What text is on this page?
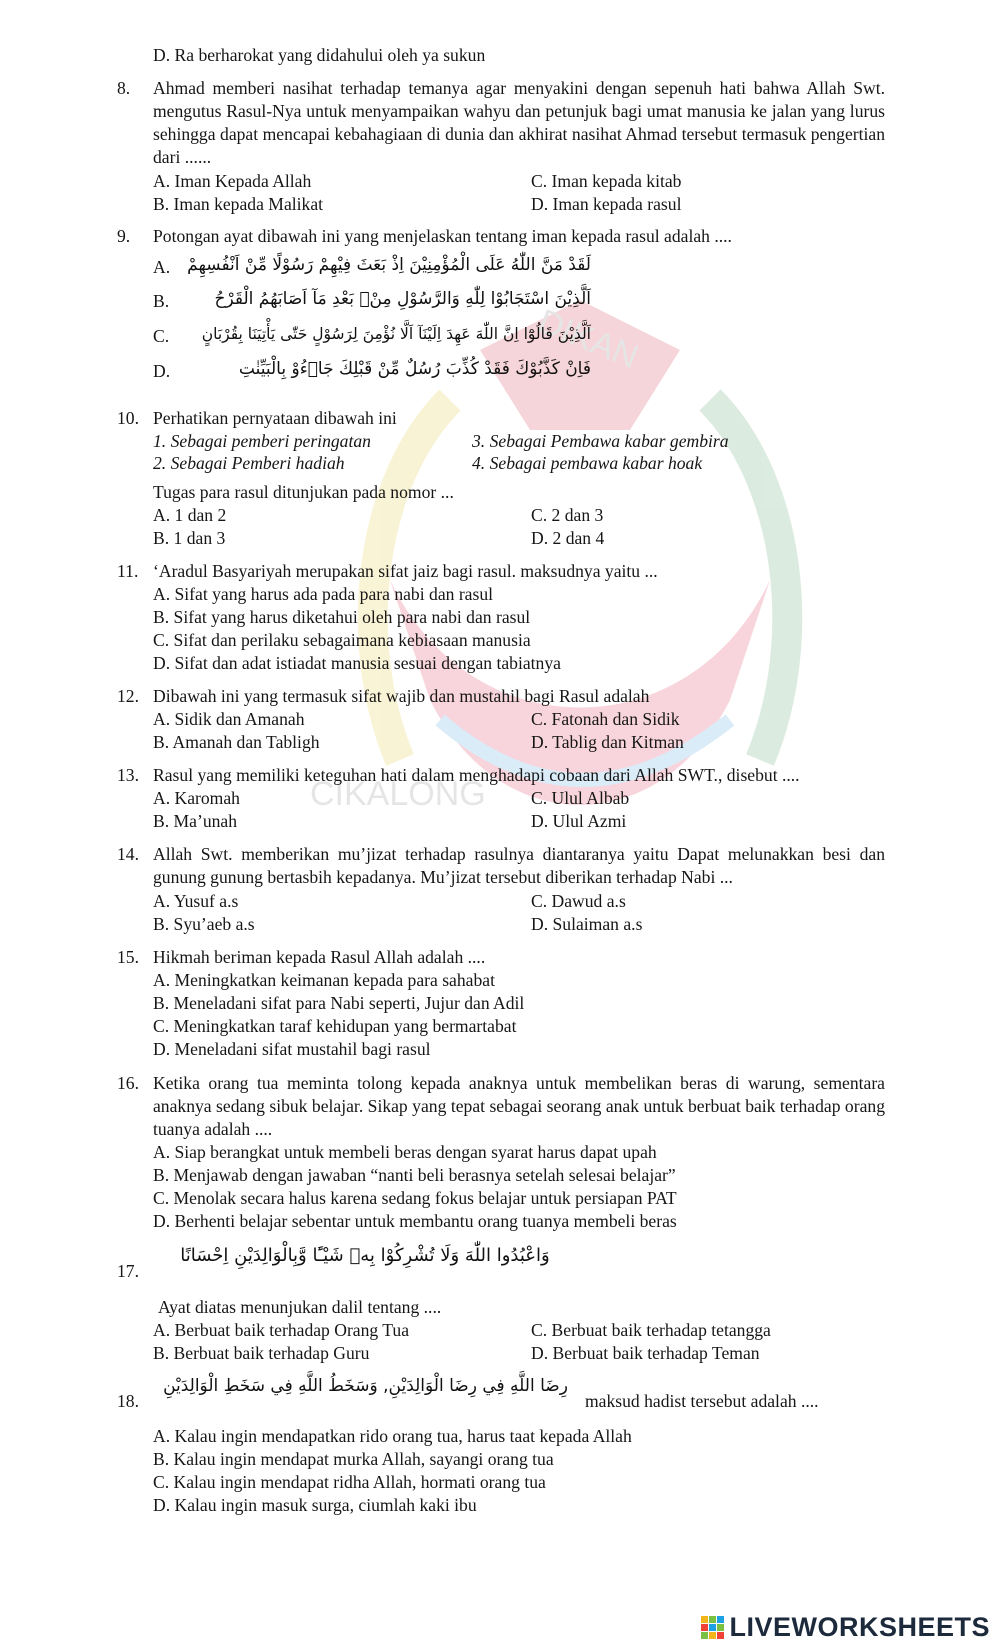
DIKAN
CIKALONG
D. Ra berharokat yang didahului oleh ya sukun
8. Ahmad memberi nasihat terhadap temanya agar menyakini dengan sepenuh hati bahwa Allah Swt. mengutus Rasul-Nya untuk menyampaikan wahyu dan petunjuk bagi umat manusia ke jalan yang lurus sehingga dapat mencapai kebahagiaan di dunia dan akhirat nasihat Ahmad tersebut termasuk pengertian dari ......
A. Iman Kepada Allah	C. Iman kepada kitab
B. Iman kepada Malikat	D. Iman kepada rasul
9. Potongan ayat dibawah ini yang menjelaskan tentang iman kepada rasul adalah ....
A.	لَقَدْ مَنَّ اللّٰهُ عَلَى الْمُؤْمِنِيْنَ اِذْ بَعَثَ فِيْهِمْ رَسُوْلًا مِّنْ اَنْفُسِهِمْ
B.	اَلَّذِيْنَ اسْتَجَابُوْا لِلّٰهِ وَالرَّسُوْلِ مِنْۢ بَعْدِ مَآ اَصَابَهُمُ الْقَرْحُ
C.	اَلَّذِيْنَ قَالُوْٓا اِنَّ اللّٰهَ عَهِدَ اِلَيْنَآ اَلَّا نُؤْمِنَ لِرَسُوْلٍ حَتّٰى يَأْتِيَنَا بِقُرْبَانٍ
D.	فَاِنْ كَذَّبُوْكَ فَقَدْ كُذِّبَ رُسُلٌ مِّنْ قَبْلِكَ جَاۤءُوْ بِالْبَيِّنٰتِ
10. Perhatikan pernyataan dibawah ini
1. Sebagai pemberi peringatan	3. Sebagai Pembawa kabar gembira
2. Sebagai Pemberi hadiah	4. Sebagai pembawa kabar hoak
Tugas para rasul ditunjukan pada nomor ...
A. 1 dan 2	C. 2 dan 3
B. 1 dan 3	D. 2 dan 4
11. ‘Aradul Basyariyah merupakan sifat jaiz bagi rasul. maksudnya yaitu ...
A. Sifat yang harus ada pada para nabi dan rasul
B. Sifat yang harus diketahui oleh para nabi dan rasul
C. Sifat dan perilaku sebagaimana kebiasaan manusia
D. Sifat dan adat istiadat manusia sesuai dengan tabiatnya
12. Dibawah ini yang termasuk sifat wajib dan mustahil bagi Rasul adalah
A. Sidik dan Amanah	C. Fatonah dan Sidik
B. Amanah dan Tabligh	D. Tablig dan Kitman
13. Rasul yang memiliki keteguhan hati dalam menghadapi cobaan dari Allah SWT., disebut ....
A. Karomah	C. Ulul Albab
B. Ma’unah	D. Ulul Azmi
14. Allah Swt. memberikan mu’jizat terhadap rasulnya diantaranya yaitu Dapat melunakkan besi dan gunung gunung bertasbih kepadanya. Mu’jizat tersebut diberikan terhadap Nabi ...
A. Yusuf a.s	C. Dawud a.s
B. Syu’aeb a.s	D. Sulaiman a.s
15. Hikmah beriman kepada Rasul Allah adalah ....
A. Meningkatkan keimanan kepada para sahabat
B. Meneladani sifat para Nabi seperti, Jujur dan Adil
C. Meningkatkan taraf kehidupan yang bermartabat
D. Meneladani sifat mustahil bagi rasul
16. Ketika orang tua meminta tolong kepada anaknya untuk membelikan beras di warung, sementara anaknya sedang sibuk belajar. Sikap yang tepat sebagai seorang anak untuk berbuat baik terhadap orang tuanya adalah ....
A. Siap berangkat untuk membeli beras dengan syarat harus dapat upah
B. Menjawab dengan jawaban “nanti beli berasnya setelah selesai belajar”
C. Menolak secara halus karena sedang fokus belajar untuk persiapan PAT
D. Berhenti belajar sebentar untuk membantu orang tuanya membeli beras
وَاعْبُدُوا اللّٰهَ وَلَا تُشْرِكُوْا بِهٖ شَيْـًٔا وَّبِالْوَالِدَيْنِ اِحْسَانًا
17.
Ayat diatas menunjukan dalil tentang ....
A. Berbuat baik terhadap Orang Tua	C. Berbuat baik terhadap tetangga
B. Berbuat baik terhadap Guru	D. Berbuat baik terhadap Teman
18.
رِضَا اللَّهِ فِي رِضَا الْوَالِدَيْنِ, وَسَخَطُ اللَّهِ فِي سَخَطِ الْوَالِدَيْنِ
maksud hadist tersebut adalah ....
A. Kalau ingin mendapatkan rido orang tua, harus taat kepada Allah
B. Kalau ingin mendapat murka Allah, sayangi orang tua
C. Kalau ingin mendapat ridha Allah, hormati orang tua
D. Kalau ingin masuk surga, ciumlah kaki ibu
LIVEWORKSHEETS
